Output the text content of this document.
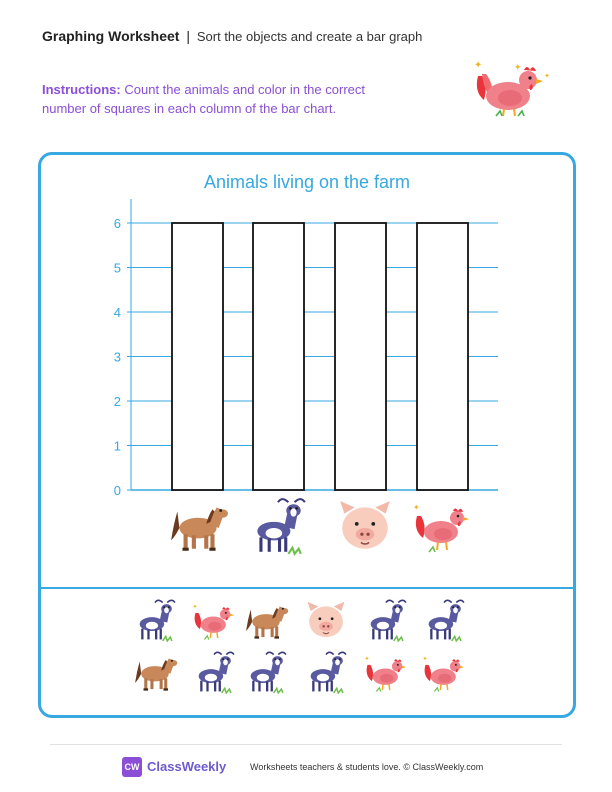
Graphing Worksheet | Sort the objects and create a bar graph
Instructions: Count the animals and color in the correct number of squares in each column of the bar chart.
✦	✦
✦
Animals living on the farm
0
1
2
3
4
5
6
✦
✦
✦	✦
CW ClassWeekly	Worksheets teachers & students love. © ClassWeekly.com
